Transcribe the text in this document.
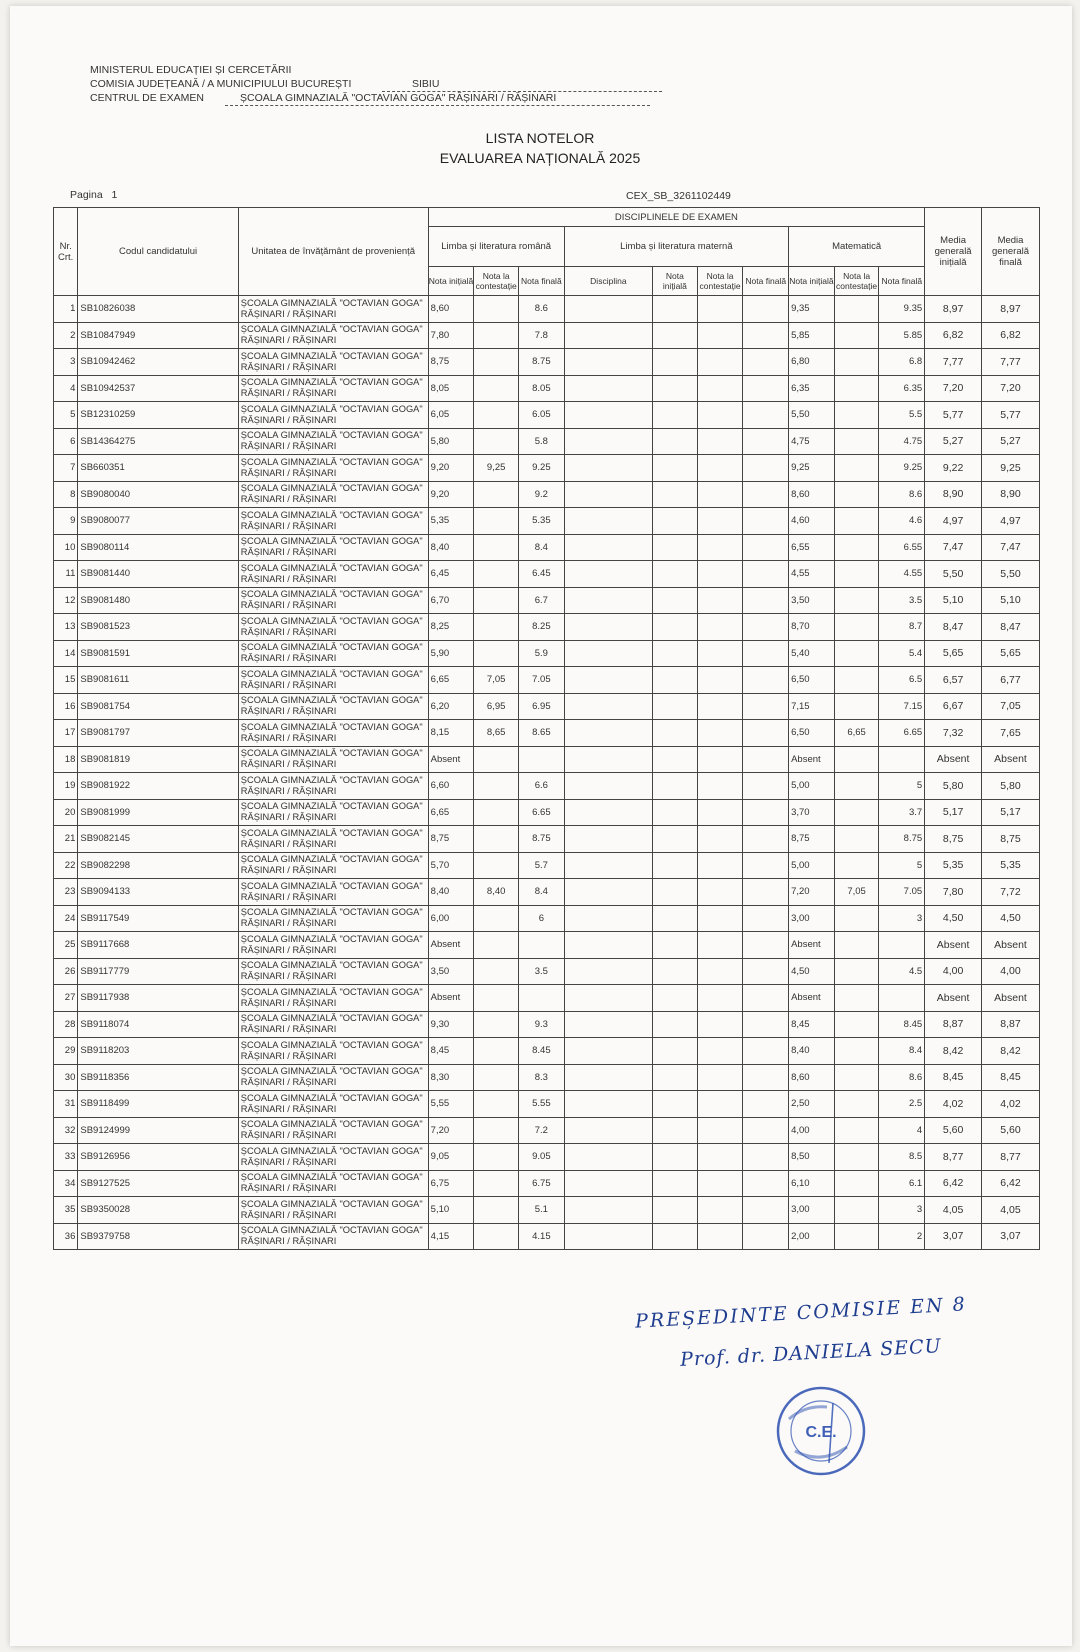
MINISTERUL EDUCAȚIEI ȘI CERCETĂRII
COMISIA JUDEȚEANĂ / A MUNICIPIULUI BUCUREȘTI	SIBIU
CENTRUL DE EXAMEN	ȘCOALA GIMNAZIALĂ "OCTAVIAN GOGA" RĂȘINARI / RĂȘINARI
LISTA NOTELOR
EVALUAREA NAȚIONALĂ 2025
Pagina 1	CEX_SB_3261102449
Nr. Crt.	Codul candidatului	Unitatea de învățământ de proveniență	DISCIPLINELE DE EXAMEN										Media generală inițială	Media generală finală
			Limba și literatura română			Limba și literatura maternă				Matematică				
			Nota inițială	Nota la contestație	Nota finală	Disciplina	Nota inițială	Nota la contestație	Nota finală	Nota inițială	Nota la contestație	Nota finală		
1	SB10826038	ȘCOALA GIMNAZIALĂ "OCTAVIAN GOGA"
RĂȘINARI / RĂȘINARI	8,60		8.6					9,35		9.35	8,97	8,97
2	SB10847949	ȘCOALA GIMNAZIALĂ "OCTAVIAN GOGA"
RĂȘINARI / RĂȘINARI	7,80		7.8					5,85		5.85	6,82	6,82
3	SB10942462	ȘCOALA GIMNAZIALĂ "OCTAVIAN GOGA"
RĂȘINARI / RĂȘINARI	8,75		8.75					6,80		6.8	7,77	7,77
4	SB10942537	ȘCOALA GIMNAZIALĂ "OCTAVIAN GOGA"
RĂȘINARI / RĂȘINARI	8,05		8.05					6,35		6.35	7,20	7,20
5	SB12310259	ȘCOALA GIMNAZIALĂ "OCTAVIAN GOGA"
RĂȘINARI / RĂȘINARI	6,05		6.05					5,50		5.5	5,77	5,77
6	SB14364275	ȘCOALA GIMNAZIALĂ "OCTAVIAN GOGA"
RĂȘINARI / RĂȘINARI	5,80		5.8					4,75		4.75	5,27	5,27
7	SB660351	ȘCOALA GIMNAZIALĂ "OCTAVIAN GOGA"
RĂȘINARI / RĂȘINARI	9,20	9,25	9.25					9,25		9.25	9,22	9,25
8	SB9080040	ȘCOALA GIMNAZIALĂ "OCTAVIAN GOGA"
RĂȘINARI / RĂȘINARI	9,20		9.2					8,60		8.6	8,90	8,90
9	SB9080077	ȘCOALA GIMNAZIALĂ "OCTAVIAN GOGA"
RĂȘINARI / RĂȘINARI	5,35		5.35					4,60		4.6	4,97	4,97
10	SB9080114	ȘCOALA GIMNAZIALĂ "OCTAVIAN GOGA"
RĂȘINARI / RĂȘINARI	8,40		8.4					6,55		6.55	7,47	7,47
11	SB9081440	ȘCOALA GIMNAZIALĂ "OCTAVIAN GOGA"
RĂȘINARI / RĂȘINARI	6,45		6.45					4,55		4.55	5,50	5,50
12	SB9081480	ȘCOALA GIMNAZIALĂ "OCTAVIAN GOGA"
RĂȘINARI / RĂȘINARI	6,70		6.7					3,50		3.5	5,10	5,10
13	SB9081523	ȘCOALA GIMNAZIALĂ "OCTAVIAN GOGA"
RĂȘINARI / RĂȘINARI	8,25		8.25					8,70		8.7	8,47	8,47
14	SB9081591	ȘCOALA GIMNAZIALĂ "OCTAVIAN GOGA"
RĂȘINARI / RĂȘINARI	5,90		5.9					5,40		5.4	5,65	5,65
15	SB9081611	ȘCOALA GIMNAZIALĂ "OCTAVIAN GOGA"
RĂȘINARI / RĂȘINARI	6,65	7,05	7.05					6,50		6.5	6,57	6,77
16	SB9081754	ȘCOALA GIMNAZIALĂ "OCTAVIAN GOGA"
RĂȘINARI / RĂȘINARI	6,20	6,95	6.95					7,15		7.15	6,67	7,05
17	SB9081797	ȘCOALA GIMNAZIALĂ "OCTAVIAN GOGA"
RĂȘINARI / RĂȘINARI	8,15	8,65	8.65					6,50	6,65	6.65	7,32	7,65
18	SB9081819	ȘCOALA GIMNAZIALĂ "OCTAVIAN GOGA"
RĂȘINARI / RĂȘINARI	Absent							Absent			Absent	Absent
19	SB9081922	ȘCOALA GIMNAZIALĂ "OCTAVIAN GOGA"
RĂȘINARI / RĂȘINARI	6,60		6.6					5,00		5	5,80	5,80
20	SB9081999	ȘCOALA GIMNAZIALĂ "OCTAVIAN GOGA"
RĂȘINARI / RĂȘINARI	6,65		6.65					3,70		3.7	5,17	5,17
21	SB9082145	ȘCOALA GIMNAZIALĂ "OCTAVIAN GOGA"
RĂȘINARI / RĂȘINARI	8,75		8.75					8,75		8.75	8,75	8,75
22	SB9082298	ȘCOALA GIMNAZIALĂ "OCTAVIAN GOGA"
RĂȘINARI / RĂȘINARI	5,70		5.7					5,00		5	5,35	5,35
23	SB9094133	ȘCOALA GIMNAZIALĂ "OCTAVIAN GOGA"
RĂȘINARI / RĂȘINARI	8,40	8,40	8.4					7,20	7,05	7.05	7,80	7,72
24	SB9117549	ȘCOALA GIMNAZIALĂ "OCTAVIAN GOGA"
RĂȘINARI / RĂȘINARI	6,00		6					3,00		3	4,50	4,50
25	SB9117668	ȘCOALA GIMNAZIALĂ "OCTAVIAN GOGA"
RĂȘINARI / RĂȘINARI	Absent							Absent			Absent	Absent
26	SB9117779	ȘCOALA GIMNAZIALĂ "OCTAVIAN GOGA"
RĂȘINARI / RĂȘINARI	3,50		3.5					4,50		4.5	4,00	4,00
27	SB9117938	ȘCOALA GIMNAZIALĂ "OCTAVIAN GOGA"
RĂȘINARI / RĂȘINARI	Absent							Absent			Absent	Absent
28	SB9118074	ȘCOALA GIMNAZIALĂ "OCTAVIAN GOGA"
RĂȘINARI / RĂȘINARI	9,30		9.3					8,45		8.45	8,87	8,87
29	SB9118203	ȘCOALA GIMNAZIALĂ "OCTAVIAN GOGA"
RĂȘINARI / RĂȘINARI	8,45		8.45					8,40		8.4	8,42	8,42
30	SB9118356	ȘCOALA GIMNAZIALĂ "OCTAVIAN GOGA"
RĂȘINARI / RĂȘINARI	8,30		8.3					8,60		8.6	8,45	8,45
31	SB9118499	ȘCOALA GIMNAZIALĂ "OCTAVIAN GOGA"
RĂȘINARI / RĂȘINARI	5,55		5.55					2,50		2.5	4,02	4,02
32	SB9124999	ȘCOALA GIMNAZIALĂ "OCTAVIAN GOGA"
RĂȘINARI / RĂȘINARI	7,20		7.2					4,00		4	5,60	5,60
33	SB9126956	ȘCOALA GIMNAZIALĂ "OCTAVIAN GOGA"
RĂȘINARI / RĂȘINARI	9,05		9.05					8,50		8.5	8,77	8,77
34	SB9127525	ȘCOALA GIMNAZIALĂ "OCTAVIAN GOGA"
RĂȘINARI / RĂȘINARI	6,75		6.75					6,10		6.1	6,42	6,42
35	SB9350028	ȘCOALA GIMNAZIALĂ "OCTAVIAN GOGA"
RĂȘINARI / RĂȘINARI	5,10		5.1					3,00		3	4,05	4,05
36	SB9379758	ȘCOALA GIMNAZIALĂ "OCTAVIAN GOGA"
RĂȘINARI / RĂȘINARI	4,15		4.15					2,00		2	3,07	3,07
PREȘEDINTE COMISIE EN 8
Prof. dr. DANIELA SECU
C.E.
